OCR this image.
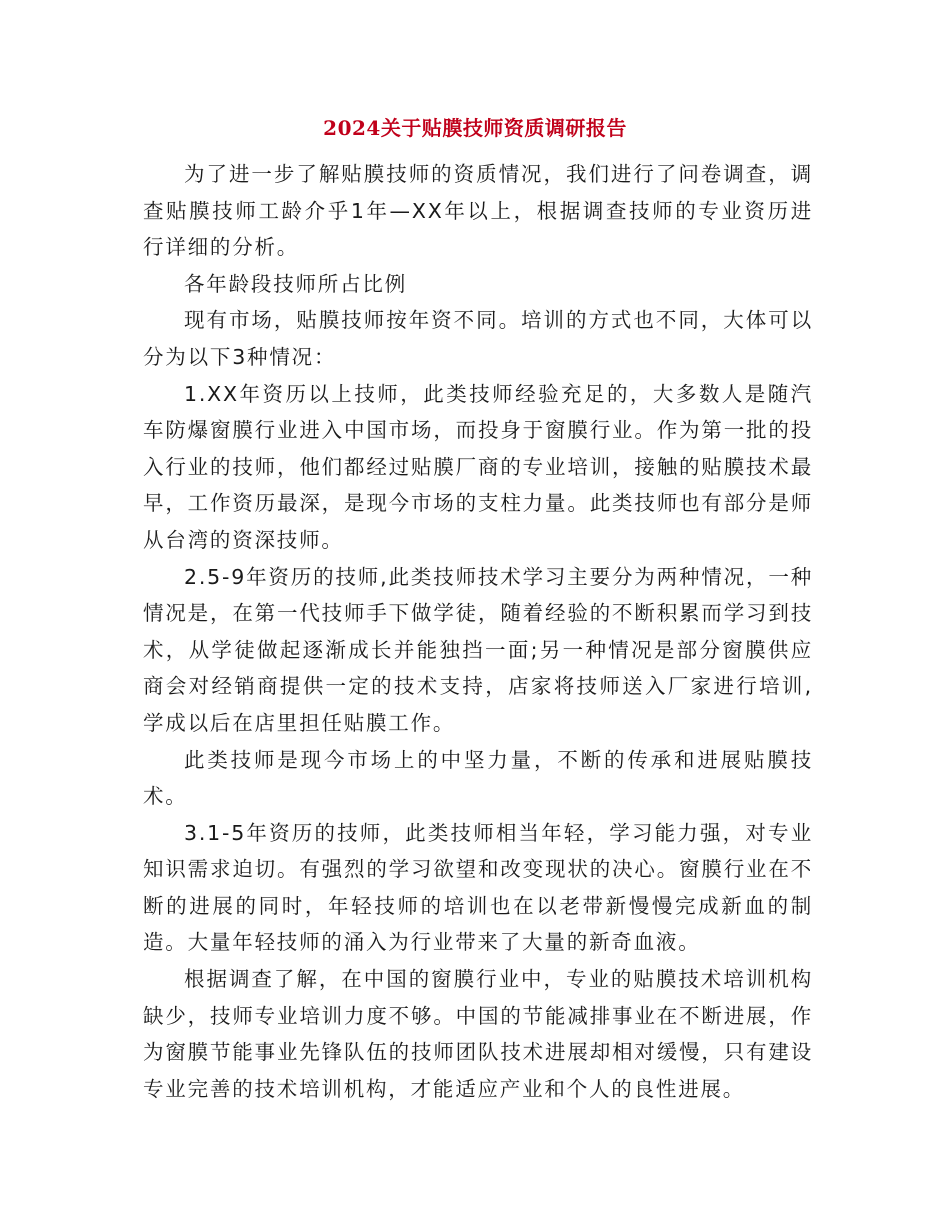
2024关于贴膜技师资质调研报告

为了进一步了解贴膜技师的资质情况，我们进行了问卷调查，调查贴膜技师工龄介乎1年—XX年以上，根据调查技师的专业资历进行详细的分析。

各年龄段技师所占比例

现有市场，贴膜技师按年资不同。培训的方式也不同，大体可以分为以下3种情况：

1.XX年资历以上技师，此类技师经验充足的，大多数人是随汽车防爆窗膜行业进入中国市场，而投身于窗膜行业。作为第一批的投入行业的技师，他们都经过贴膜厂商的专业培训，接触的贴膜技术最早，工作资历最深，是现今市场的支柱力量。此类技师也有部分是师从台湾的资深技师。

2.5-9年资历的技师,此类技师技术学习主要分为两种情况，一种情况是，在第一代技师手下做学徒，随着经验的不断积累而学习到技术，从学徒做起逐渐成长并能独挡一面;另一种情况是部分窗膜供应商会对经销商提供一定的技术支持，店家将技师送入厂家进行培训,学成以后在店里担任贴膜工作。

此类技师是现今市场上的中坚力量，不断的传承和进展贴膜技术。

3.1-5年资历的技师，此类技师相当年轻，学习能力强，对专业知识需求迫切。有强烈的学习欲望和改变现状的决心。窗膜行业在不断的进展的同时，年轻技师的培训也在以老带新慢慢完成新血的制造。大量年轻技师的涌入为行业带来了大量的新奇血液。

根据调查了解，在中国的窗膜行业中，专业的贴膜技术培训机构缺少，技师专业培训力度不够。中国的节能减排事业在不断进展，作为窗膜节能事业先锋队伍的技师团队技术进展却相对缓慢，只有建设专业完善的技术培训机构，才能适应产业和个人的良性进展。
